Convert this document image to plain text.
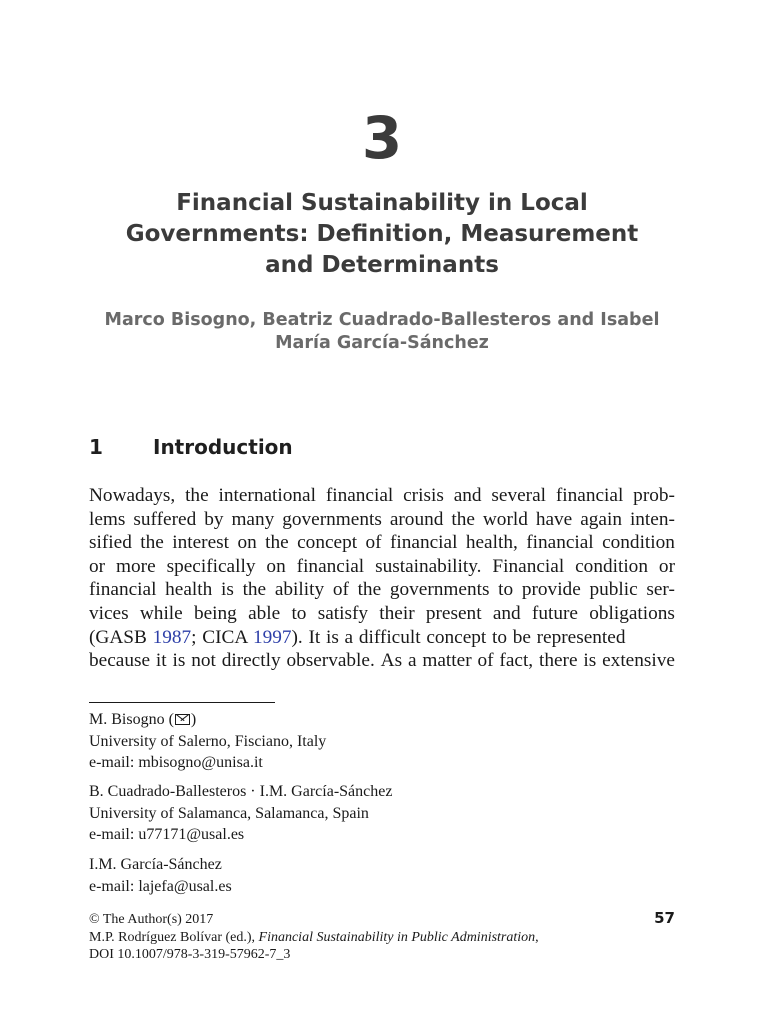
3
Financial Sustainability in Local
Governments: Definition, Measurement
and Determinants
Marco Bisogno, Beatriz Cuadrado-Ballesteros and Isabel
María García-Sánchez
1	Introduction
Nowadays, the international financial crisis and several financial prob-
lems suffered by many governments around the world have again inten-
sified the interest on the concept of financial health, financial condition
or more specifically on financial sustainability. Financial condition or
financial health is the ability of the governments to provide public ser-
vices while being able to satisfy their present and future obligations
(GASB 1987 ; CICA 1997 ). It is a difficult concept to be represented
because it is not directly observable. As a matter of fact, there is extensive
M. Bisogno ( )
University of Salerno, Fisciano, Italy
e-mail: mbisogno@unisa.it
B. Cuadrado-Ballesteros · I.M. García-Sánchez
University of Salamanca, Salamanca, Spain
e-mail: u77171@usal.es
I.M. García-Sánchez
e-mail: lajefa@usal.es
© The Author(s) 2017
M.P. Rodríguez Bolívar (ed.), Financial Sustainability in Public Administration,
DOI 10.1007/978-3-319-57962-7_3
57
